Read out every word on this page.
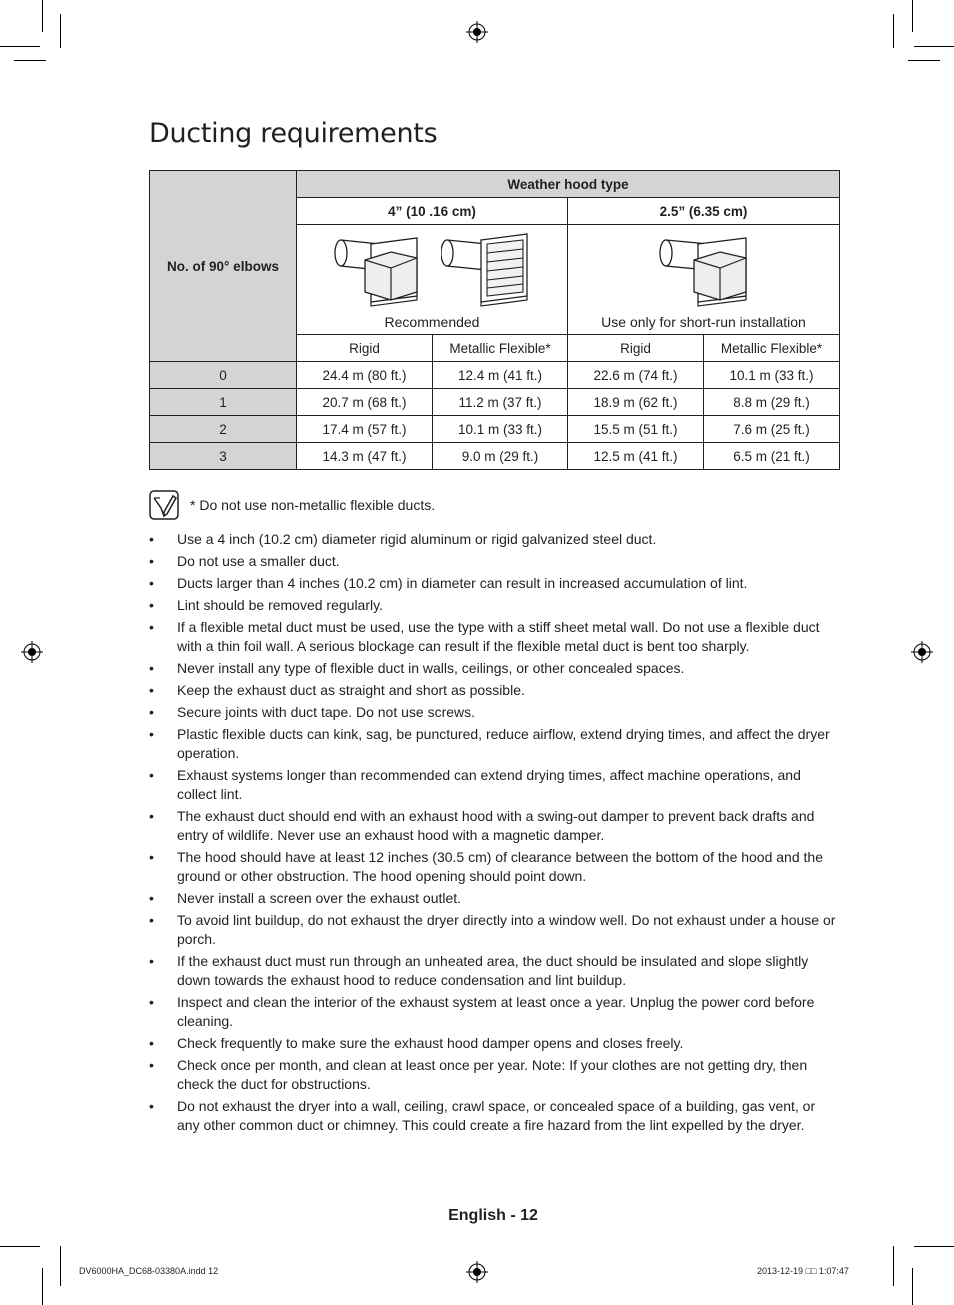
Ducting requirements
No. of 90° elbows	Weather hood type			
	4” (10 .16 cm)		2.5” (6.35 cm)	

	Recommended		Use only for short-run installation	

	Rigid	Metallic Flexible*	Rigid	Metallic Flexible*
0	24.4 m (80 ft.)	12.4 m (41 ft.)	22.6 m (74 ft.)	10.1 m (33 ft.)
1	20.7 m (68 ft.)	11.2 m (37 ft.)	18.9 m (62 ft.)	8.8 m (29 ft.)
2	17.4 m (57 ft.)	10.1 m (33 ft.)	15.5 m (51 ft.)	7.6 m (25 ft.)
3	14.3 m (47 ft.)	9.0 m (29 ft.)	12.5 m (41 ft.)	6.5 m (21 ft.)
* Do not use non-metallic flexible ducts.
• Use a 4 inch (10.2 cm) diameter rigid aluminum or rigid galvanized steel duct.
• Do not use a smaller duct.
• Ducts larger than 4 inches (10.2 cm) in diameter can result in increased accumulation of lint.
• Lint should be removed regularly.
• If a flexible metal duct must be used, use the type with a stiff sheet metal wall. Do not use a flexible duct with a thin foil wall. A serious blockage can result if the flexible metal duct is bent too sharply.
• Never install any type of flexible duct in walls, ceilings, or other concealed spaces.
• Keep the exhaust duct as straight and short as possible.
• Secure joints with duct tape. Do not use screws.
• Plastic flexible ducts can kink, sag, be punctured, reduce airflow, extend drying times, and affect the dryer operation.
• Exhaust systems longer than recommended can extend drying times, affect machine operations, and collect lint.
• The exhaust duct should end with an exhaust hood with a swing-out damper to prevent back drafts and entry of wildlife. Never use an exhaust hood with a magnetic damper.
• The hood should have at least 12 inches (30.5 cm) of clearance between the bottom of the hood and the ground or other obstruction. The hood opening should point down.
• Never install a screen over the exhaust outlet.
• To avoid lint buildup, do not exhaust the dryer directly into a window well. Do not exhaust under a house or porch.
• If the exhaust duct must run through an unheated area, the duct should be insulated and slope slightly down towards the exhaust hood to reduce condensation and lint buildup.
• Inspect and clean the interior of the exhaust system at least once a year. Unplug the power cord before cleaning.
• Check frequently to make sure the exhaust hood damper opens and closes freely.
• Check once per month, and clean at least once per year. Note: If your clothes are not getting dry, then check the duct for obstructions.
• Do not exhaust the dryer into a wall, ceiling, crawl space, or concealed space of a building, gas vent, or any other common duct or chimney. This could create a fire hazard from the lint expelled by the dryer.
English - 12
DV6000HA_DC68-03380A.indd 12	2013-12-19 □□ 1:07:47
